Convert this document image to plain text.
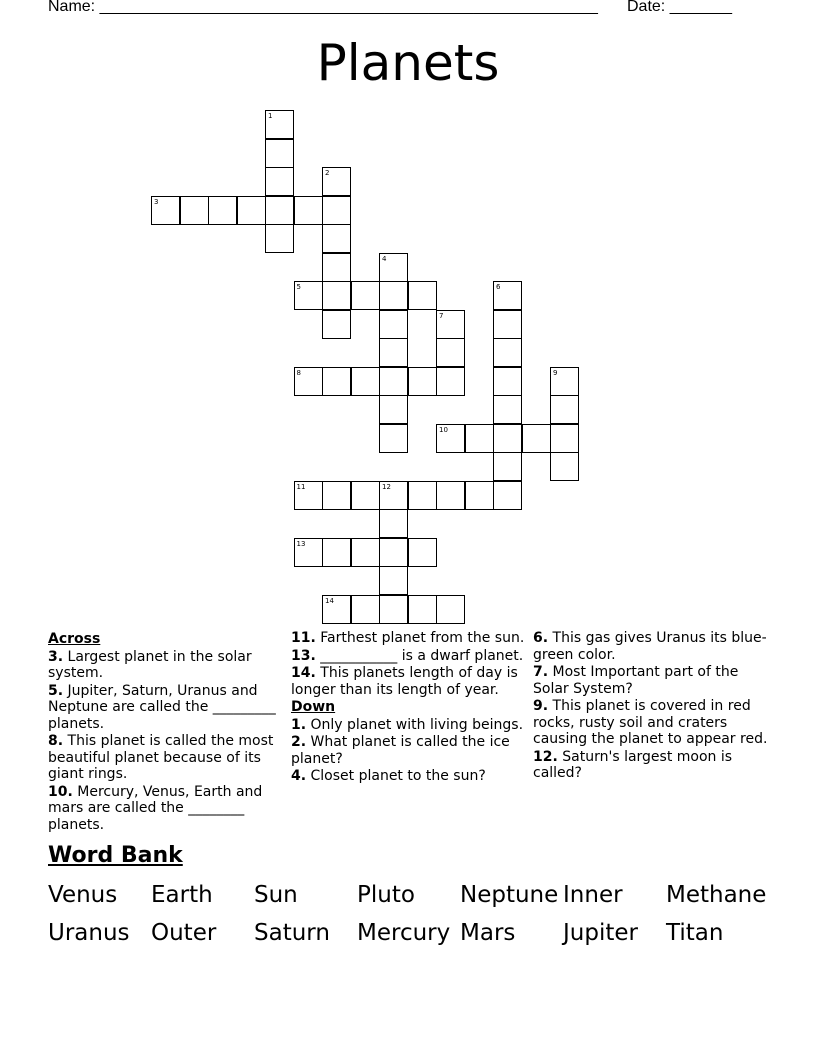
Name: ________________________________________________________ Date: _______
Planets
1
2
3
4
5	6
7
8	9
10
11	12
13
14
Across
3. Largest planet in the solar system.
5. Jupiter, Saturn, Uranus and Neptune are called the _________ planets.
8. This planet is called the most beautiful planet because of its giant rings.
10. Mercury, Venus, Earth and mars are called the ________ planets.
11. Farthest planet from the sun.
13. ___________ is a dwarf planet.
14. This planets length of day is longer than its length of year.
Down
1. Only planet with living beings.
2. What planet is called the ice planet?
4. Closet planet to the sun?
6. This gas gives Uranus its blue-green color.
7. Most Important part of the Solar System?
9. This planet is covered in red rocks, rusty soil and craters causing the planet to appear red.
12. Saturn's largest moon is called?
Word Bank
Venus Earth Sun	Pluto Neptune Inner Methane
Uranus Outer Saturn Mercury Mars Jupiter Titan
